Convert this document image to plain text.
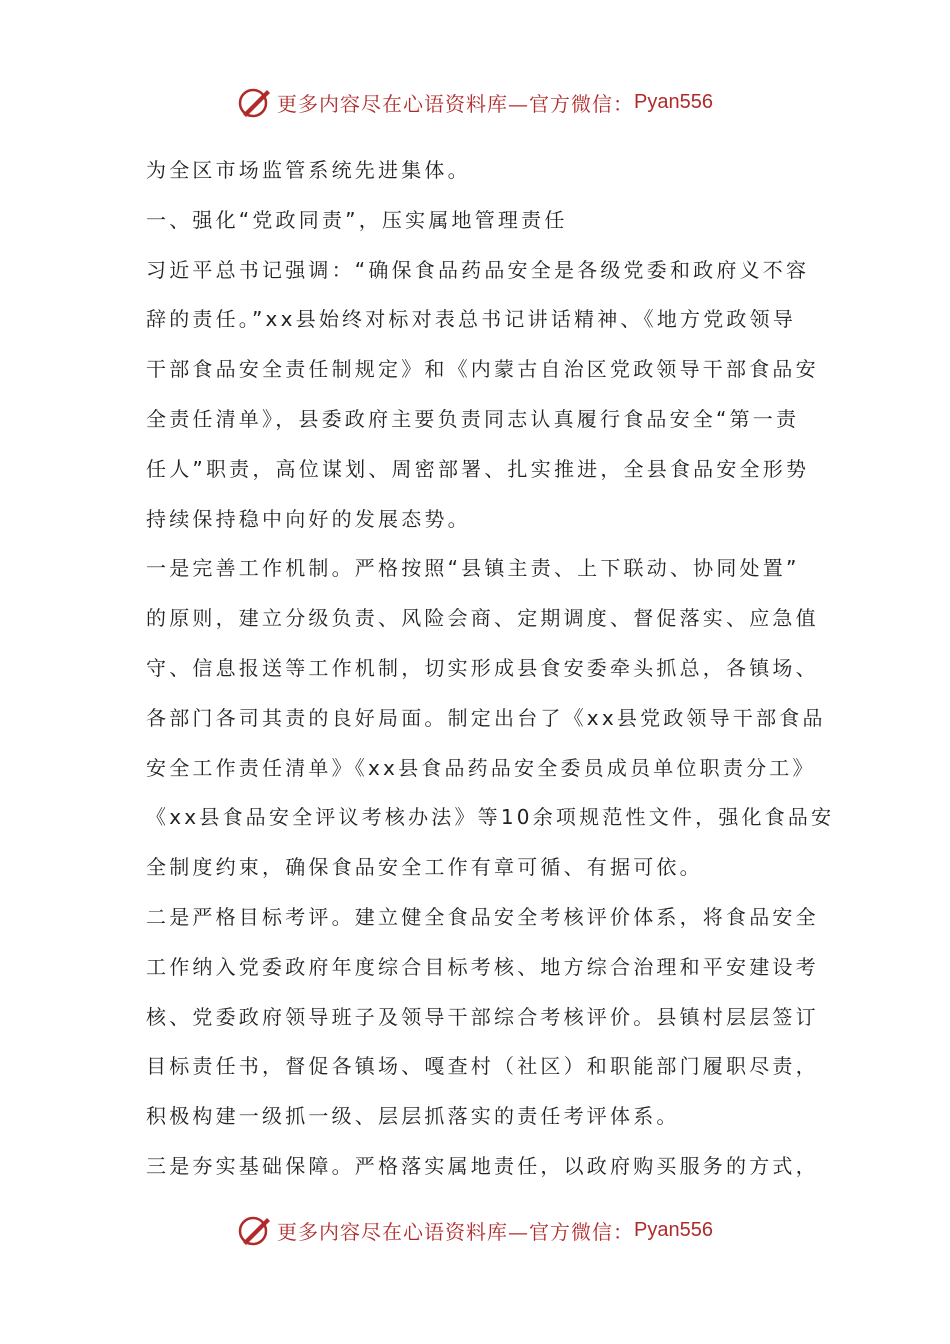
更多内容尽在心语资料库—官方微信： Pyan556
为全区市场监管系统先进集体。
一、强化“党政同责”，压实属地管理责任
习近平总书记强调：“确保食品药品安全是各级党委和政府义不容
辞的责任。”xx县始终对标对表总书记讲话精神、《地方党政领导
干部食品安全责任制规定》和《内蒙古自治区党政领导干部食品安
全责任清单》，县委政府主要负责同志认真履行食品安全“第一责
任人”职责，高位谋划、周密部署、扎实推进，全县食品安全形势
持续保持稳中向好的发展态势。
一是完善工作机制。严格按照“县镇主责、上下联动、协同处置”
的原则，建立分级负责、风险会商、定期调度、督促落实、应急值
守、信息报送等工作机制，切实形成县食安委牵头抓总，各镇场、
各部门各司其责的良好局面。制定出台了《xx县党政领导干部食品
安全工作责任清单》《xx县食品药品安全委员成员单位职责分工》
《xx县食品安全评议考核办法》等10余项规范性文件，强化食品安
全制度约束，确保食品安全工作有章可循、有据可依。
二是严格目标考评。建立健全食品安全考核评价体系，将食品安全
工作纳入党委政府年度综合目标考核、地方综合治理和平安建设考
核、党委政府领导班子及领导干部综合考核评价。县镇村层层签订
目标责任书，督促各镇场、嘎查村（社区）和职能部门履职尽责，
积极构建一级抓一级、层层抓落实的责任考评体系。
三是夯实基础保障。严格落实属地责任，以政府购买服务的方式，
更多内容尽在心语资料库—官方微信： Pyan556
